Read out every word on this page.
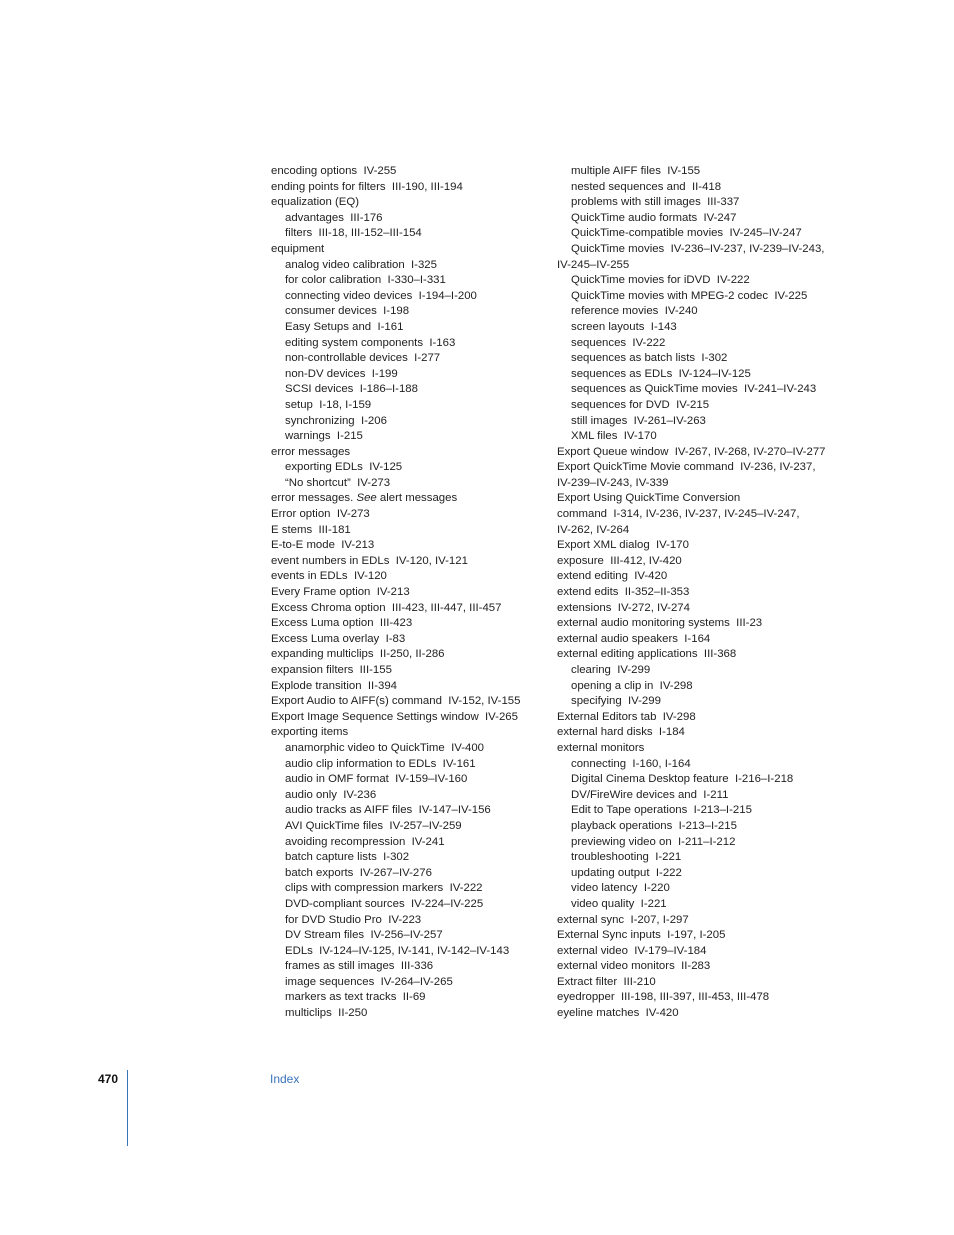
encoding options  IV-255
ending points for filters  III-190, III-194
equalization (EQ)
advantages  III-176
filters  III-18, III-152–III-154
equipment
analog video calibration  I-325
for color calibration  I-330–I-331
connecting video devices  I-194–I-200
consumer devices  I-198
Easy Setups and  I-161
editing system components  I-163
non-controllable devices  I-277
non-DV devices  I-199
SCSI devices  I-186–I-188
setup  I-18, I-159
synchronizing  I-206
warnings  I-215
error messages
exporting EDLs  IV-125
“No shortcut”  IV-273
error messages. See alert messages
Error option  IV-273
E stems  III-181
E-to-E mode  IV-213
event numbers in EDLs  IV-120, IV-121
events in EDLs  IV-120
Every Frame option  IV-213
Excess Chroma option  III-423, III-447, III-457
Excess Luma option  III-423
Excess Luma overlay  I-83
expanding multiclips  II-250, II-286
expansion filters  III-155
Explode transition  II-394
Export Audio to AIFF(s) command  IV-152, IV-155
Export Image Sequence Settings window  IV-265
exporting items
anamorphic video to QuickTime  IV-400
audio clip information to EDLs  IV-161
audio in OMF format  IV-159–IV-160
audio only  IV-236
audio tracks as AIFF files  IV-147–IV-156
AVI QuickTime files  IV-257–IV-259
avoiding recompression  IV-241
batch capture lists  I-302
batch exports  IV-267–IV-276
clips with compression markers  IV-222
DVD-compliant sources  IV-224–IV-225
for DVD Studio Pro  IV-223
DV Stream files  IV-256–IV-257
EDLs  IV-124–IV-125, IV-141, IV-142–IV-143
frames as still images  III-336
image sequences  IV-264–IV-265
markers as text tracks  II-69
multiclips  II-250
multiple AIFF files  IV-155
nested sequences and  II-418
problems with still images  III-337
QuickTime audio formats  IV-247
QuickTime-compatible movies  IV-245–IV-247
QuickTime movies  IV-236–IV-237, IV-239–IV-243,
IV-245–IV-255
QuickTime movies for iDVD  IV-222
QuickTime movies with MPEG-2 codec  IV-225
reference movies  IV-240
screen layouts  I-143
sequences  IV-222
sequences as batch lists  I-302
sequences as EDLs  IV-124–IV-125
sequences as QuickTime movies  IV-241–IV-243
sequences for DVD  IV-215
still images  IV-261–IV-263
XML files  IV-170
Export Queue window  IV-267, IV-268, IV-270–IV-277
Export QuickTime Movie command  IV-236, IV-237,
IV-239–IV-243, IV-339
Export Using QuickTime Conversion
command  I-314, IV-236, IV-237, IV-245–IV-247,
IV-262, IV-264
Export XML dialog  IV-170
exposure  III-412, IV-420
extend editing  IV-420
extend edits  II-352–II-353
extensions  IV-272, IV-274
external audio monitoring systems  III-23
external audio speakers  I-164
external editing applications  III-368
clearing  IV-299
opening a clip in  IV-298
specifying  IV-299
External Editors tab  IV-298
external hard disks  I-184
external monitors
connecting  I-160, I-164
Digital Cinema Desktop feature  I-216–I-218
DV/FireWire devices and  I-211
Edit to Tape operations  I-213–I-215
playback operations  I-213–I-215
previewing video on  I-211–I-212
troubleshooting  I-221
updating output  I-222
video latency  I-220
video quality  I-221
external sync  I-207, I-297
External Sync inputs  I-197, I-205
external video  IV-179–IV-184
external video monitors  II-283
Extract filter  III-210
eyedropper  III-198, III-397, III-453, III-478
eyeline matches  IV-420
470	Index
